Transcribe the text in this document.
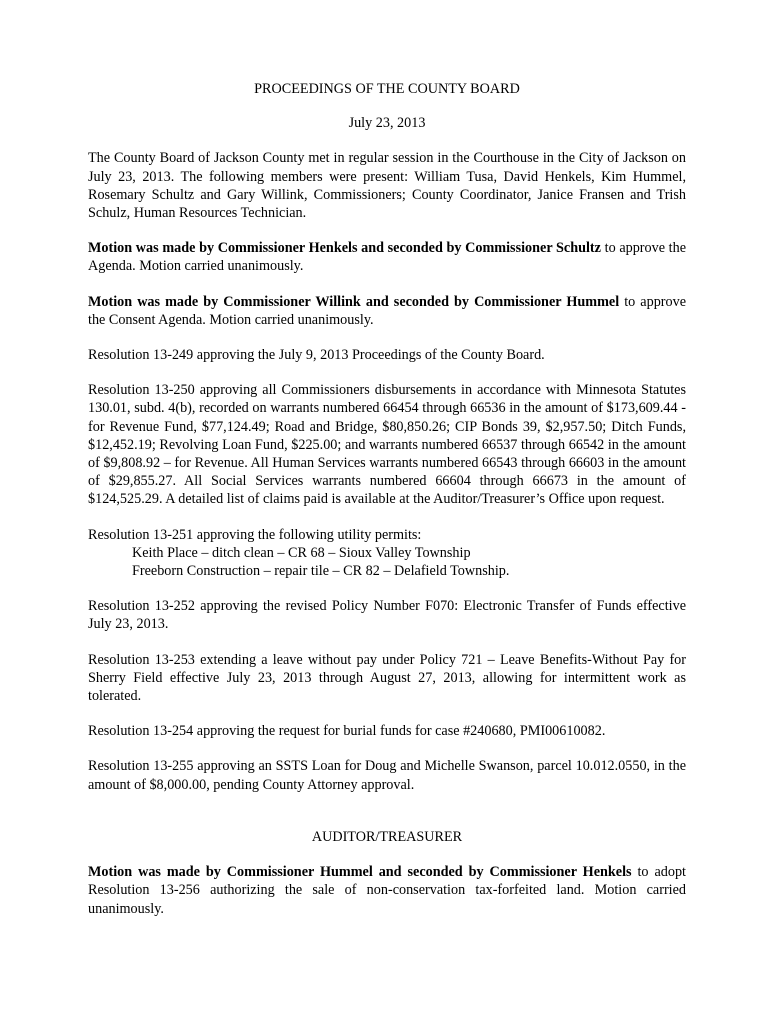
PROCEEDINGS OF THE COUNTY BOARD

July 23, 2013

The County Board of Jackson County met in regular session in the Courthouse in the City of Jackson on July 23, 2013. The following members were present: William Tusa, David Henkels, Kim Hummel, Rosemary Schultz and Gary Willink, Commissioners; County Coordinator, Janice Fransen and Trish Schulz, Human Resources Technician.

Motion was made by Commissioner Henkels and seconded by Commissioner Schultz to approve the Agenda. Motion carried unanimously.

Motion was made by Commissioner Willink and seconded by Commissioner Hummel to approve the Consent Agenda. Motion carried unanimously.

Resolution 13-249 approving the July 9, 2013 Proceedings of the County Board.

Resolution 13-250 approving all Commissioners disbursements in accordance with Minnesota Statutes 130.01, subd. 4(b), recorded on warrants numbered 66454 through 66536 in the amount of $173,609.44 - for Revenue Fund, $77,124.49; Road and Bridge, $80,850.26; CIP Bonds 39, $2,957.50; Ditch Funds, $12,452.19; Revolving Loan Fund, $225.00; and warrants numbered 66537 through 66542 in the amount of $9,808.92 – for Revenue. All Human Services warrants numbered 66543 through 66603 in the amount of $29,855.27. All Social Services warrants numbered 66604 through 66673 in the amount of $124,525.29. A detailed list of claims paid is available at the Auditor/Treasurer’s Office upon request.

Resolution 13-251 approving the following utility permits:

Keith Place – ditch clean – CR 68 – Sioux Valley Township

Freeborn Construction – repair tile – CR 82 – Delafield Township.

Resolution 13-252 approving the revised Policy Number F070: Electronic Transfer of Funds effective July 23, 2013.

Resolution 13-253 extending a leave without pay under Policy 721 – Leave Benefits-Without Pay for Sherry Field effective July 23, 2013 through August 27, 2013, allowing for intermittent work as tolerated.

Resolution 13-254 approving the request for burial funds for case #240680, PMI00610082.

Resolution 13-255 approving an SSTS Loan for Doug and Michelle Swanson, parcel 10.012.0550, in the amount of $8,000.00, pending County Attorney approval.

AUDITOR/TREASURER

Motion was made by Commissioner Hummel and seconded by Commissioner Henkels to adopt Resolution 13-256 authorizing the sale of non-conservation tax-forfeited land. Motion carried unanimously.
